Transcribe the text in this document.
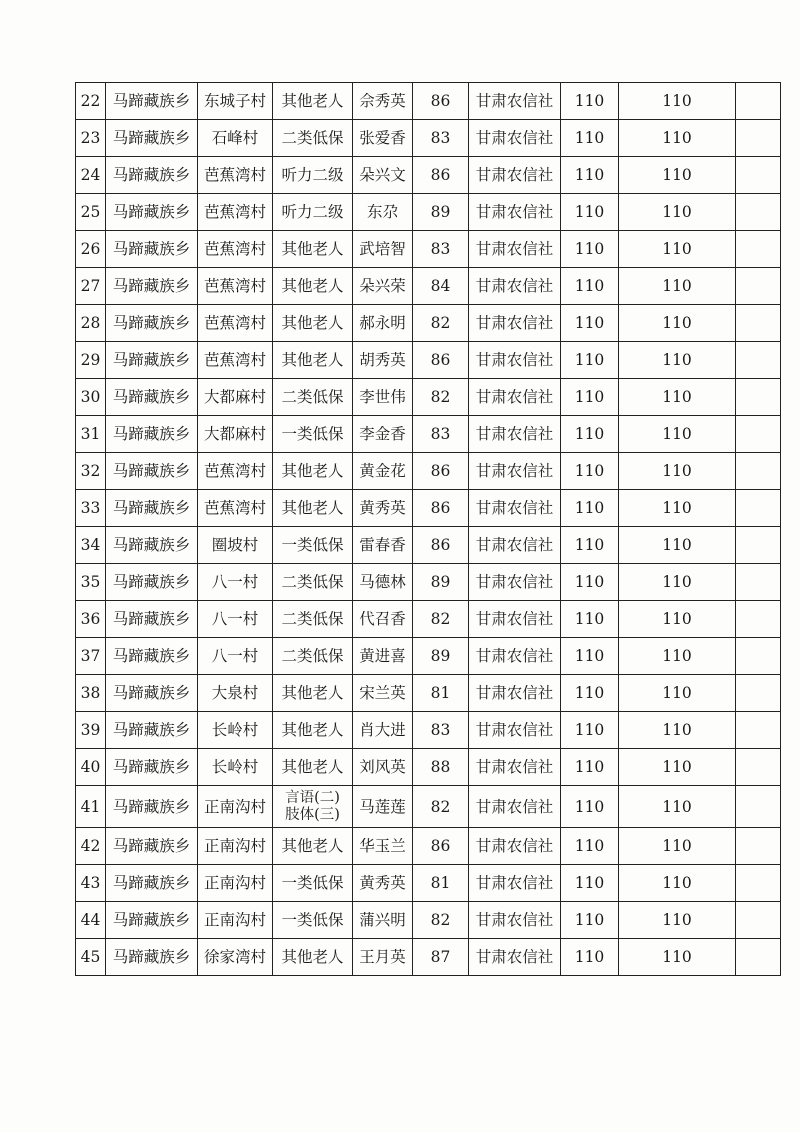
22	马蹄藏族乡	东城子村	其他老人	佘秀英	86	甘肃农信社	110	110	
23	马蹄藏族乡	石峰村	二类低保	张爱香	83	甘肃农信社	110	110	
24	马蹄藏族乡	芭蕉湾村	听力二级	朵兴文	86	甘肃农信社	110	110	
25	马蹄藏族乡	芭蕉湾村	听力二级	东尕	89	甘肃农信社	110	110	
26	马蹄藏族乡	芭蕉湾村	其他老人	武培智	83	甘肃农信社	110	110	
27	马蹄藏族乡	芭蕉湾村	其他老人	朵兴荣	84	甘肃农信社	110	110	
28	马蹄藏族乡	芭蕉湾村	其他老人	郝永明	82	甘肃农信社	110	110	
29	马蹄藏族乡	芭蕉湾村	其他老人	胡秀英	86	甘肃农信社	110	110	
30	马蹄藏族乡	大都麻村	二类低保	李世伟	82	甘肃农信社	110	110	
31	马蹄藏族乡	大都麻村	一类低保	李金香	83	甘肃农信社	110	110	
32	马蹄藏族乡	芭蕉湾村	其他老人	黄金花	86	甘肃农信社	110	110	
33	马蹄藏族乡	芭蕉湾村	其他老人	黄秀英	86	甘肃农信社	110	110	
34	马蹄藏族乡	圈坡村	一类低保	雷春香	86	甘肃农信社	110	110	
35	马蹄藏族乡	八一村	二类低保	马德林	89	甘肃农信社	110	110	
36	马蹄藏族乡	八一村	二类低保	代召香	82	甘肃农信社	110	110	
37	马蹄藏族乡	八一村	二类低保	黄进喜	89	甘肃农信社	110	110	
38	马蹄藏族乡	大泉村	其他老人	宋兰英	81	甘肃农信社	110	110	
39	马蹄藏族乡	长岭村	其他老人	肖大进	83	甘肃农信社	110	110	
40	马蹄藏族乡	长岭村	其他老人	刘风英	88	甘肃农信社	110	110	
41	马蹄藏族乡	正南沟村	言语(二)
肢体(三)	马莲莲	82	甘肃农信社	110	110	
42	马蹄藏族乡	正南沟村	其他老人	华玉兰	86	甘肃农信社	110	110	
43	马蹄藏族乡	正南沟村	一类低保	黄秀英	81	甘肃农信社	110	110	
44	马蹄藏族乡	正南沟村	一类低保	蒲兴明	82	甘肃农信社	110	110	
45	马蹄藏族乡	徐家湾村	其他老人	王月英	87	甘肃农信社	110	110	
